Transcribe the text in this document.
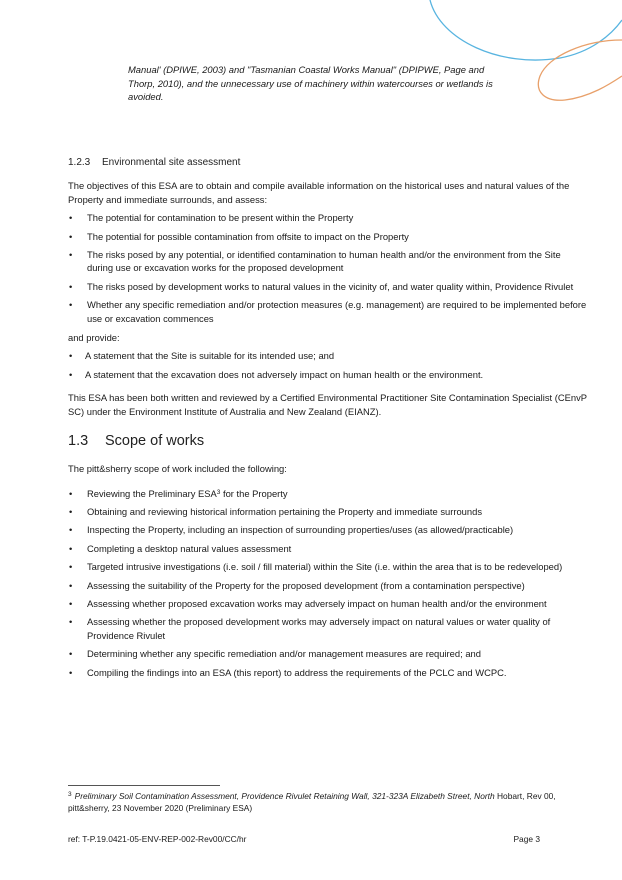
Manual' (DPIWE, 2003) and "Tasmanian Coastal Works Manual" (DPIPWE, Page and Thorp, 2010), and the unnecessary use of machinery within watercourses or wetlands is avoided.
1.2.3 Environmental site assessment

The objectives of this ESA are to obtain and compile available information on the historical uses and natural values of the Property and immediate surrounds, and assess:

• The potential for contamination to be present within the Property
• The potential for possible contamination from offsite to impact on the Property
• The risks posed by any potential, or identified contamination to human health and/or the environment from the Site during use or excavation works for the proposed development
• The risks posed by development works to natural values in the vicinity of, and water quality within, Providence Rivulet
• Whether any specific remediation and/or protection measures (e.g. management) are required to be implemented before use or excavation commences

and provide:

• A statement that the Site is suitable for its intended use; and
• A statement that the excavation does not adversely impact on human health or the environment.

This ESA has been both written and reviewed by a Certified Environmental Practitioner Site Contamination Specialist (CEnvP SC) under the Environment Institute of Australia and New Zealand (EIANZ).

1.3 Scope of works

The pitt&sherry scope of work included the following:

• Reviewing the Preliminary ESA$^3$ for the Property
• Obtaining and reviewing historical information pertaining the Property and immediate surrounds
• Inspecting the Property, including an inspection of surrounding properties/uses (as allowed/practicable)
• Completing a desktop natural values assessment
• Targeted intrusive investigations (i.e. soil / fill material) within the Site (i.e. within the area that is to be redeveloped)
• Assessing the suitability of the Property for the proposed development (from a contamination perspective)
• Assessing whether proposed excavation works may adversely impact on human health and/or the environment
• Assessing whether the proposed development works may adversely impact on natural values or water quality of Providence Rivulet
• Determining whether any specific remediation and/or management measures are required; and
• Compiling the findings into an ESA (this report) to address the requirements of the PCLC and WCPC.
$^3$ Preliminary Soil Contamination Assessment, Providence Rivulet Retaining Wall, 321-323A Elizabeth Street, North Hobart, Rev 00, pitt&sherry, 23 November 2020 (Preliminary ESA)
ref: T-P.19.0421-05-ENV-REP-002-Rev00/CC/hr	Page 3
